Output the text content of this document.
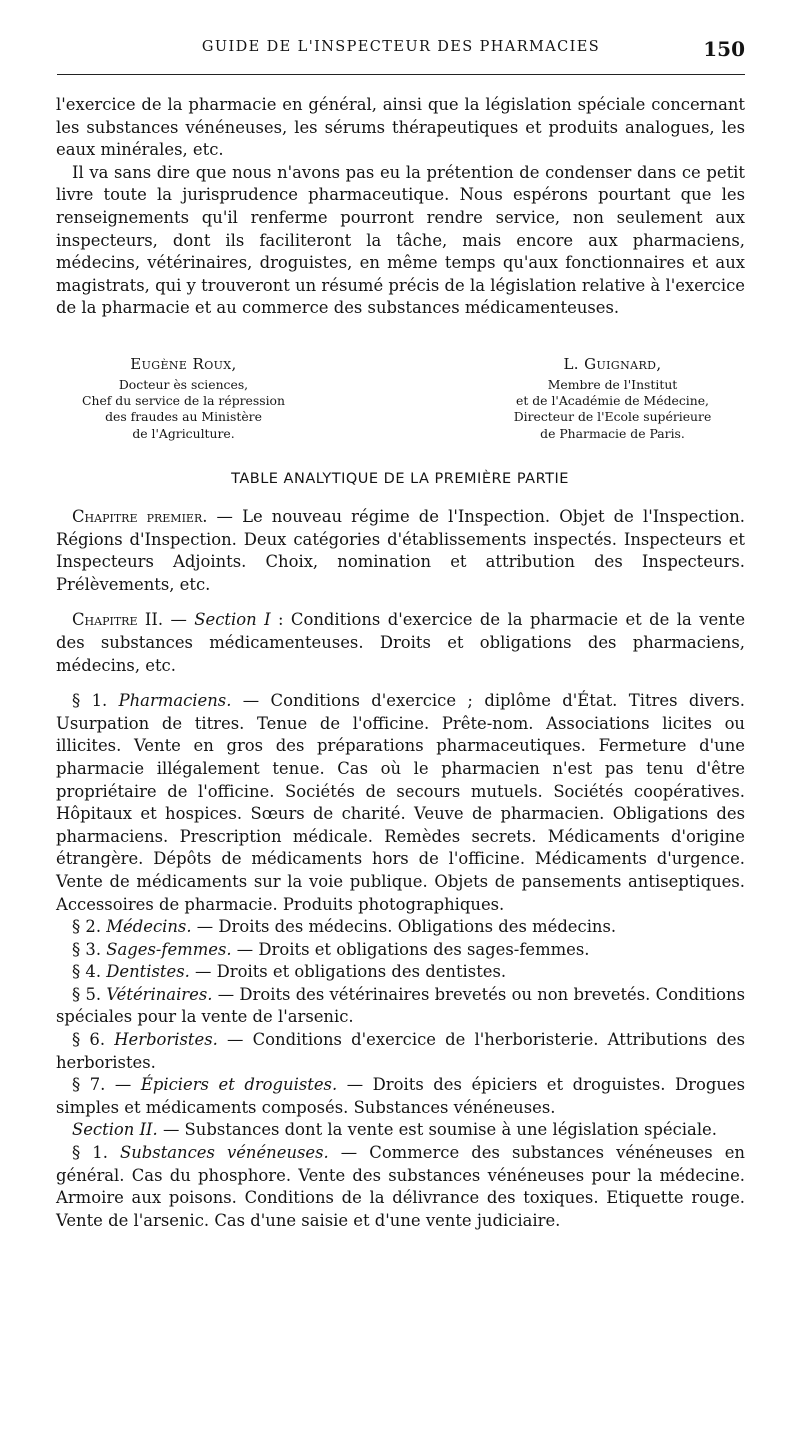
GUIDE DE L'INSPECTEUR DES PHARMACIES	150

l'exercice de la pharmacie en général, ainsi que la législation spéciale concernant les substances vénéneuses, les sérums thérapeutiques et produits analogues, les eaux minérales, etc.

Il va sans dire que nous n'avons pas eu la prétention de condenser dans ce petit livre toute la jurisprudence pharmaceutique. Nous espérons pourtant que les renseignements qu'il renferme pourront rendre service, non seulement aux inspecteurs, dont ils faciliteront la tâche, mais encore aux pharmaciens, médecins, vétérinaires, droguistes, en même temps qu'aux fonctionnaires et aux magistrats, qui y trouveront un résumé précis de la législation relative à l'exercice de la pharmacie et au commerce des substances médicamenteuses.

Eugène Roux,
Docteur ès sciences,
Chef du service de la répression
des fraudes au Ministère
de l'Agriculture.
L. Guignard,
Membre de l'Institut
et de l'Académie de Médecine,
Directeur de l'Ecole supérieure
de Pharmacie de Paris.
TABLE ANALYTIQUE DE LA PREMIÈRE PARTIE

Chapitre premier. — Le nouveau régime de l'Inspection. Objet de l'Inspection. Régions d'Inspection. Deux catégories d'établissements inspectés. Inspecteurs et Inspecteurs Adjoints. Choix, nomination et attribution des Inspecteurs. Prélèvements, etc.

Chapitre II. — Section I : Conditions d'exercice de la pharmacie et de la vente des substances médicamenteuses. Droits et obligations des pharmaciens, médecins, etc.

§ 1. Pharmaciens. — Conditions d'exercice ; diplôme d'État. Titres divers. Usurpation de titres. Tenue de l'officine. Prête-nom. Associations licites ou illicites. Vente en gros des préparations pharmaceutiques. Fermeture d'une pharmacie illégalement tenue. Cas où le pharmacien n'est pas tenu d'être propriétaire de l'officine. Sociétés de secours mutuels. Sociétés coopératives. Hôpitaux et hospices. Sœurs de charité. Veuve de pharmacien. Obligations des pharmaciens. Prescription médicale. Remèdes secrets. Médicaments d'origine étrangère. Dépôts de médicaments hors de l'officine. Médicaments d'urgence. Vente de médicaments sur la voie publique. Objets de pansements antiseptiques. Accessoires de pharmacie. Produits photographiques.

§ 2. Médecins. — Droits des médecins. Obligations des médecins.

§ 3. Sages-femmes. — Droits et obligations des sages-femmes.

§ 4. Dentistes. — Droits et obligations des dentistes.

§ 5. Vétérinaires. — Droits des vétérinaires brevetés ou non brevetés. Conditions spéciales pour la vente de l'arsenic.

§ 6. Herboristes. — Conditions d'exercice de l'herboristerie. Attributions des herboristes.

§ 7. — Épiciers et droguistes. — Droits des épiciers et droguistes. Drogues simples et médicaments composés. Substances vénéneuses.

Section II. — Substances dont la vente est soumise à une législation spéciale.

§ 1. Substances vénéneuses. — Commerce des substances vénéneuses en général. Cas du phosphore. Vente des substances vénéneuses pour la médecine. Armoire aux poisons. Conditions de la délivrance des toxiques. Etiquette rouge. Vente de l'arsenic. Cas d'une saisie et d'une vente judiciaire.
